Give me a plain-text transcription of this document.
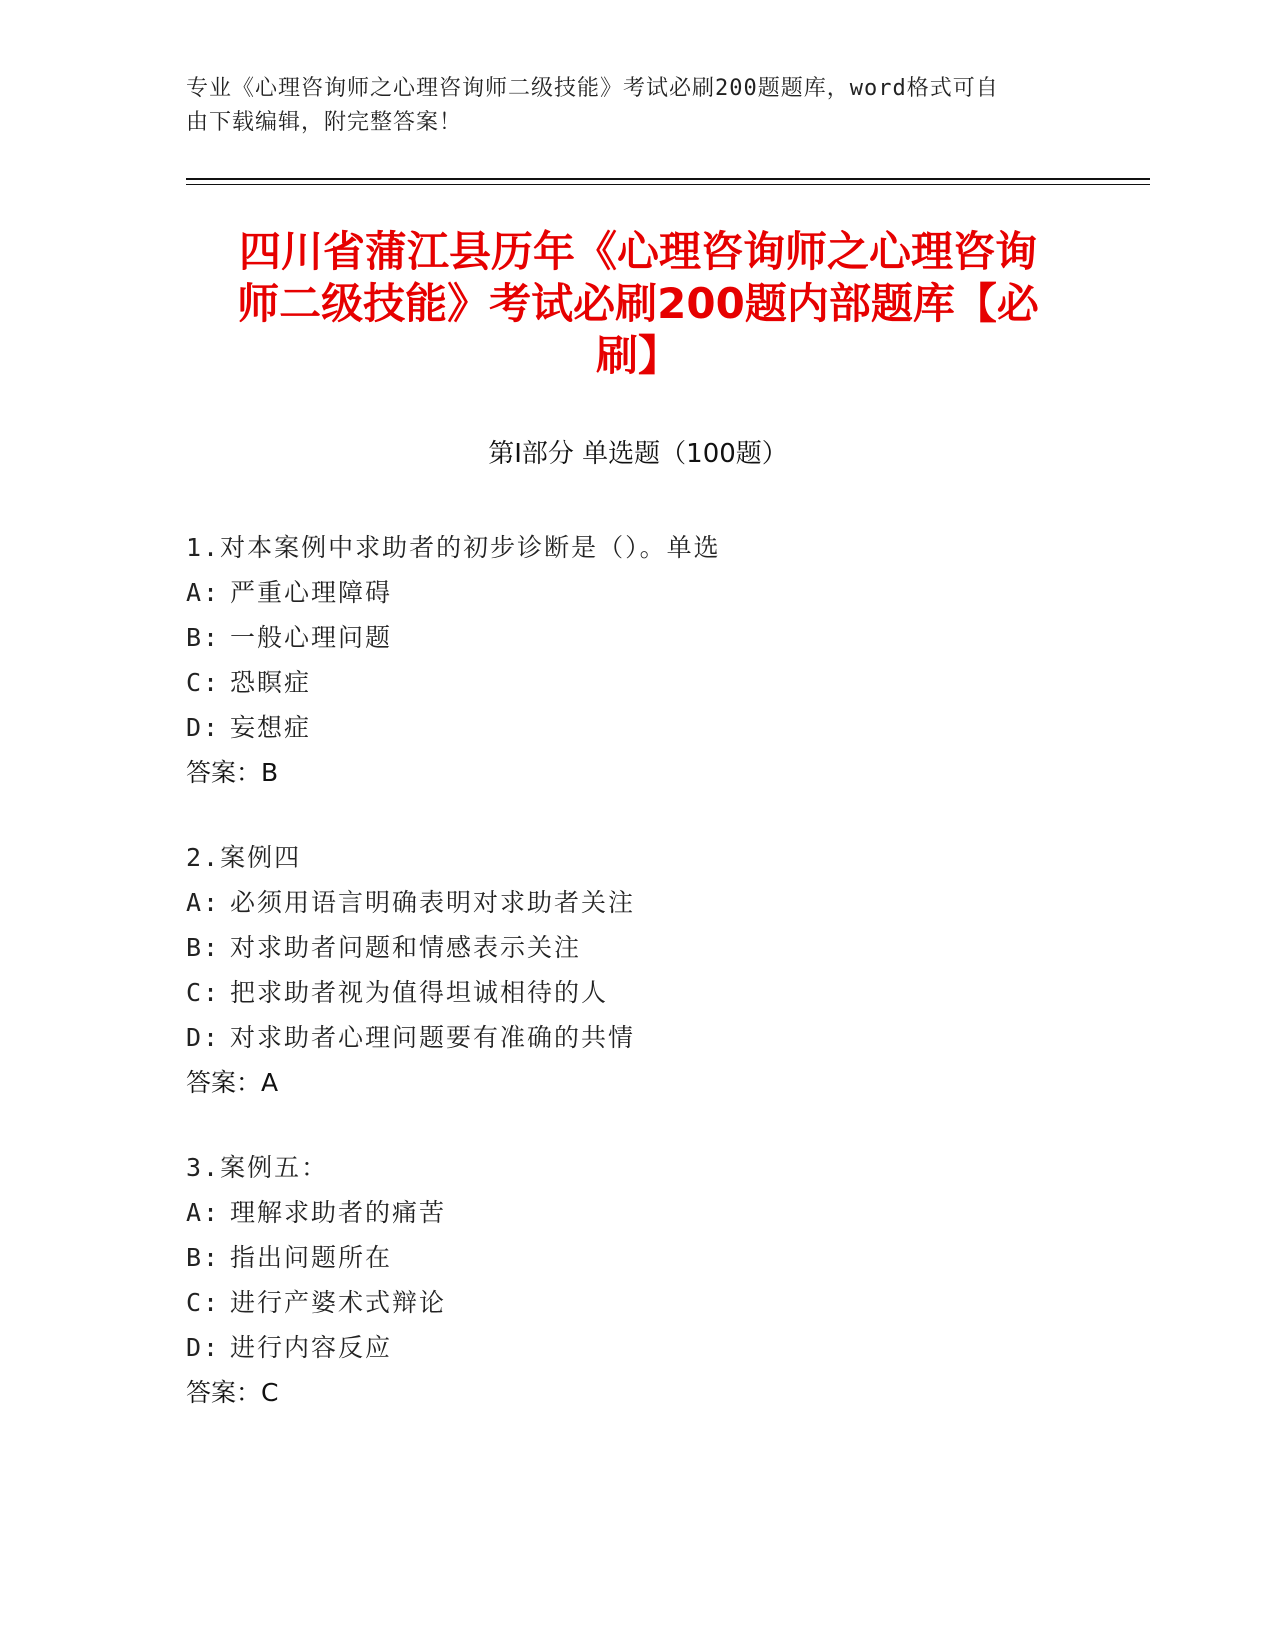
专业《心理咨询师之心理咨询师二级技能》考试必刷200题题库，word格式可自
由下载编辑，附完整答案！
四川省蒲江县历年《心理咨询师之心理咨询
师二级技能》考试必刷200题内部题库【必
刷】
第I部分 单选题（100题）
1.对本案例中求助者的初步诊断是（）。单选
A: 严重心理障碍
B: 一般心理问题
C: 恐瞑症
D: 妄想症
答案：B
2.案例四
A: 必须用语言明确表明对求助者关注
B: 对求助者问题和情感表示关注
C: 把求助者视为值得坦诚相待的人
D: 对求助者心理问题要有准确的共情
答案：A
3.案例五：
A: 理解求助者的痛苦
B: 指出问题所在
C: 进行产婆术式辩论
D: 进行内容反应
答案：C
